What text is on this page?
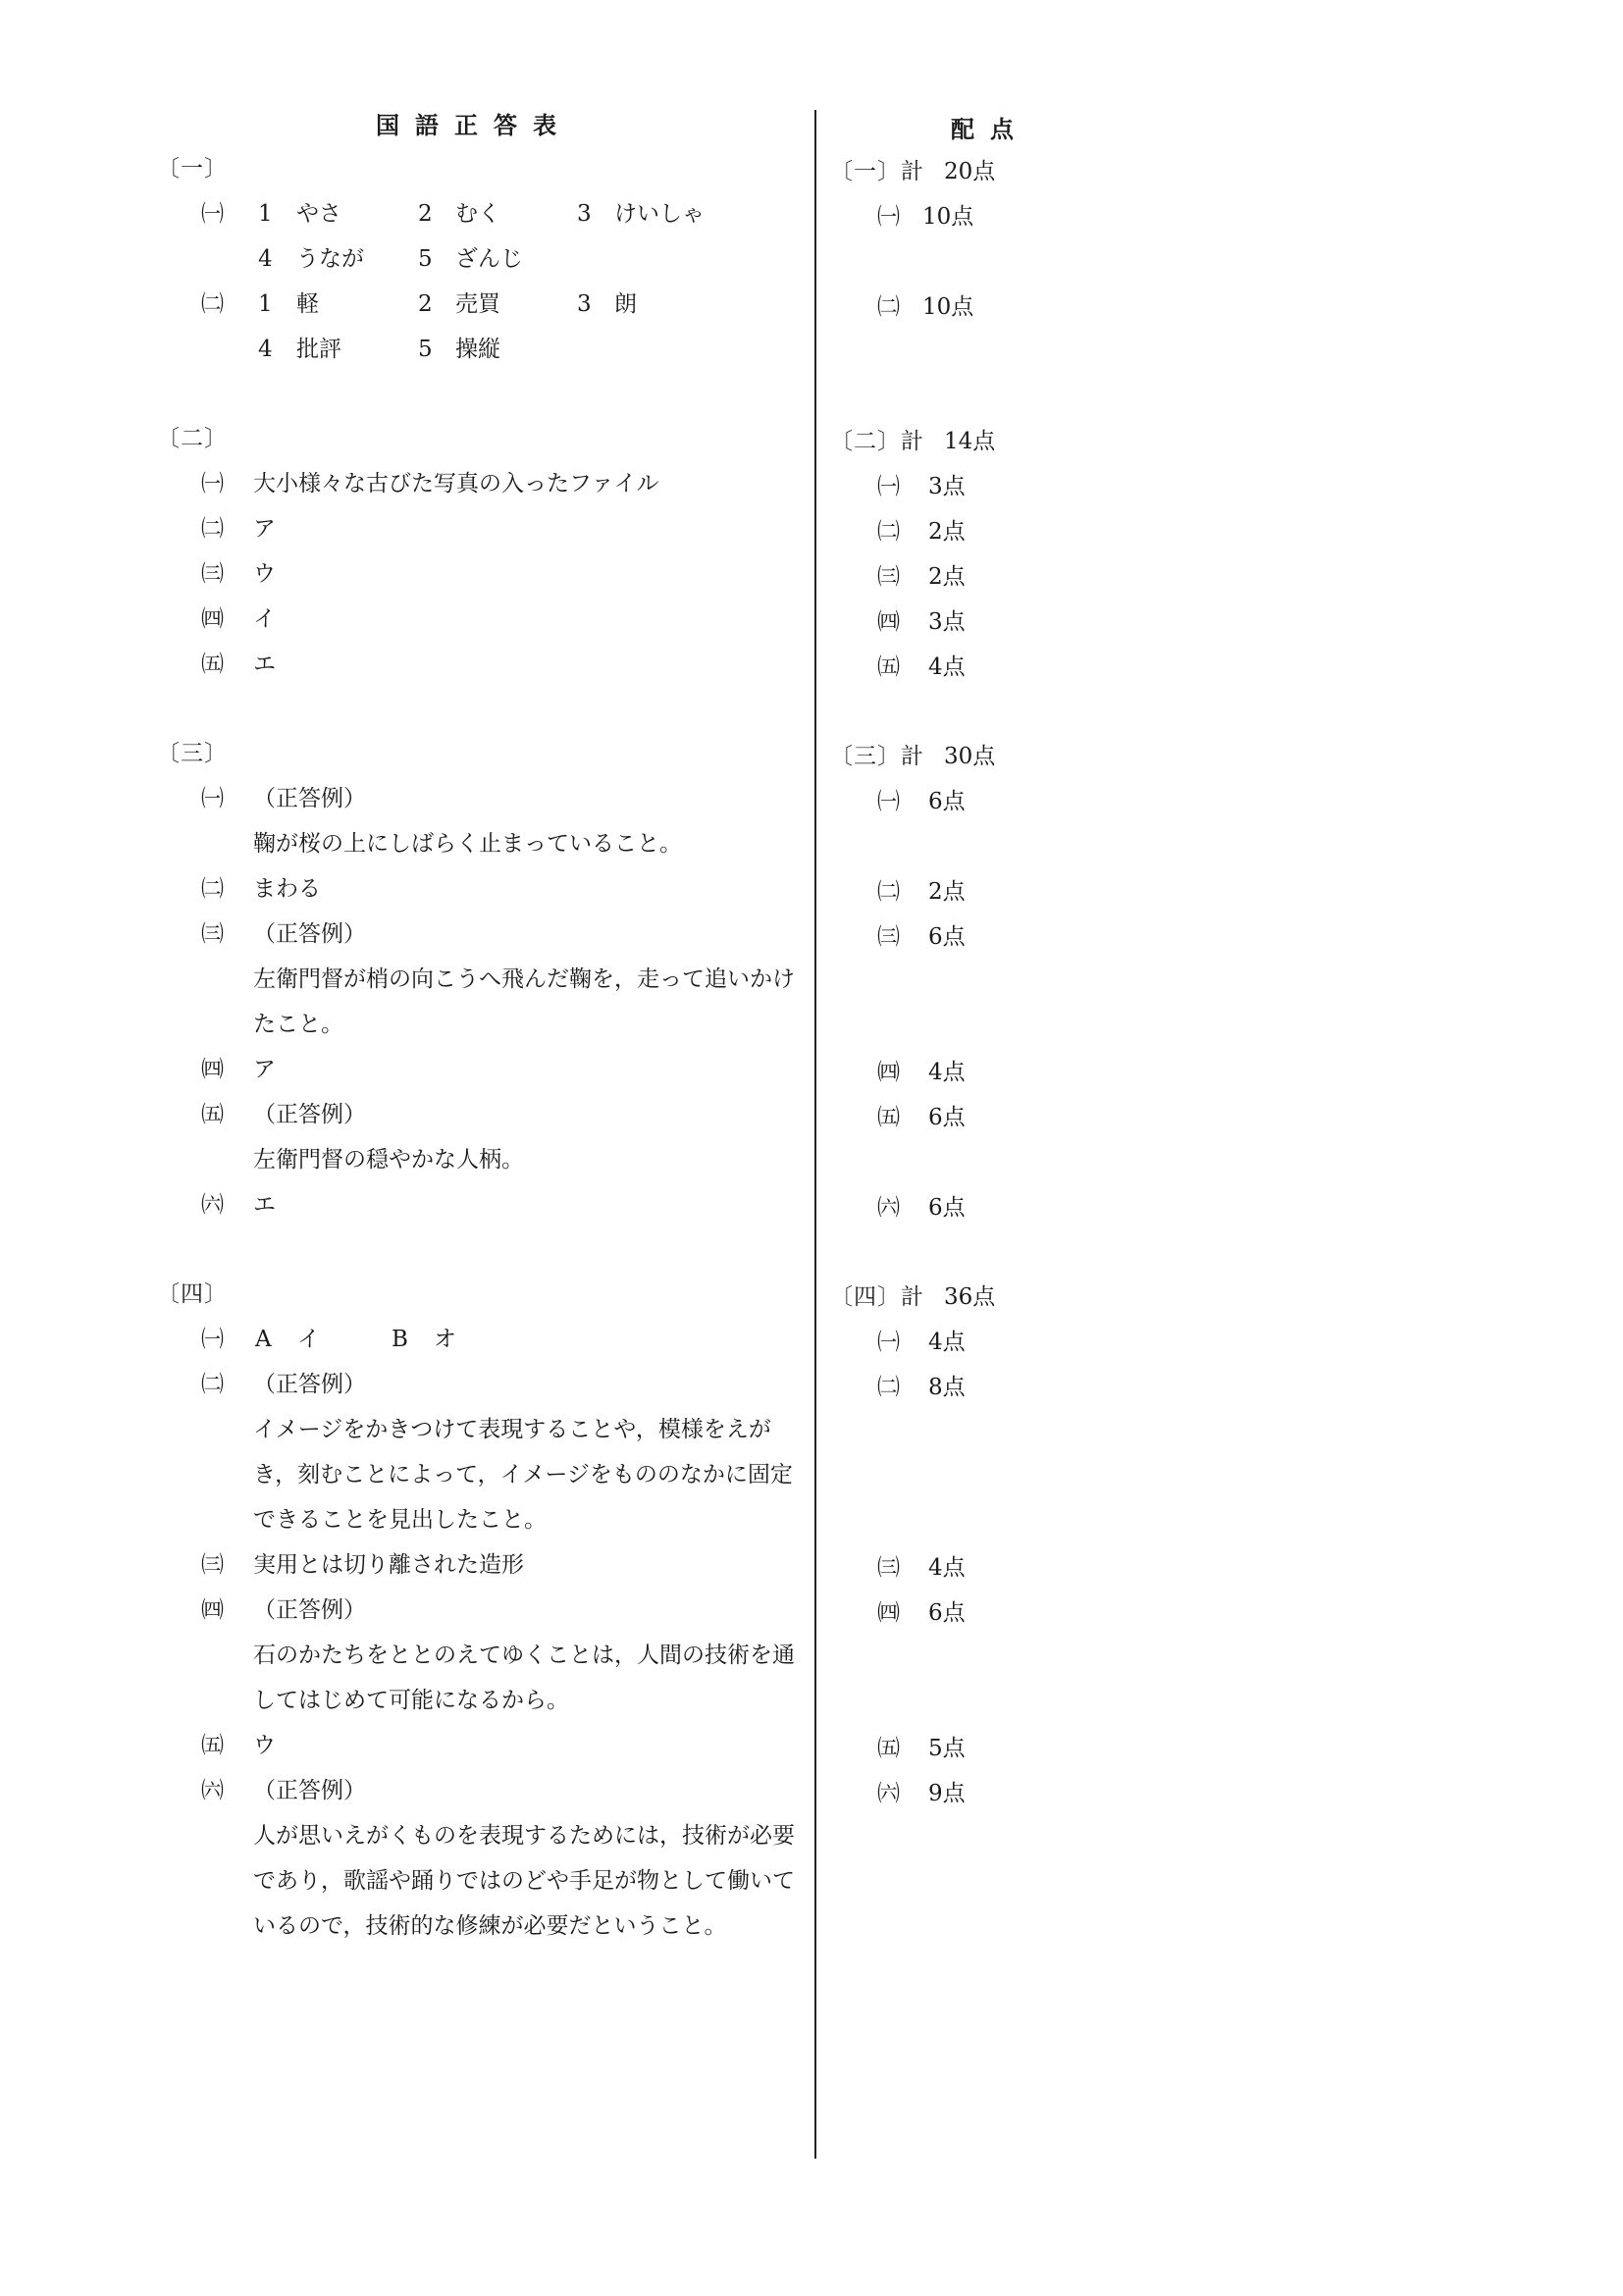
国語正答表	配点
〔一〕
㈠ 1 やさ	2 むく	3 けいしゃ
4 うなが 5 ざんじ
㈡ 1 軽	2 売買	3 朗
4 批評	5 操縦
〔二〕
㈠ 大小様々な古びた写真の入ったファイル
㈡ ア
㈢ ウ
㈣ イ
㈤ エ
〔三〕
㈠ （正答例）
鞠が桜の上にしばらく止まっていること。
㈡ まわる
㈢ （正答例）
左衛門督が梢の向こうへ飛んだ鞠を，走って追いかけ
たこと。
㈣ ア
㈤ （正答例）
左衛門督の穏やかな人柄。
㈥ エ
〔四〕
㈠ A イ	B オ
㈡ （正答例）
イメージをかきつけて表現することや，模様をえが
き，刻むことによって，イメージをもののなかに固定
できることを見出したこと。
㈢ 実用とは切り離された造形
㈣ （正答例）
石のかたちをととのえてゆくことは，人間の技術を通
してはじめて可能になるから。
㈤ ウ
㈥ （正答例）
人が思いえがくものを表現するためには，技術が必要
であり，歌謡や踊りではのどや手足が物として働いて
いるので，技術的な修練が必要だということ。
〔一〕 計 20点
㈠ 10点
㈡ 10点
〔二〕 計 14点
㈠ 3点
㈡ 2点
㈢ 2点
㈣ 3点
㈤ 4点
〔三〕 計 30点
㈠ 6点
㈡ 2点
㈢ 6点
㈣ 4点
㈤ 6点
㈥ 6点
〔四〕 計 36点
㈠ 4点
㈡ 8点
㈢ 4点
㈣ 6点
㈤ 5点
㈥ 9点
